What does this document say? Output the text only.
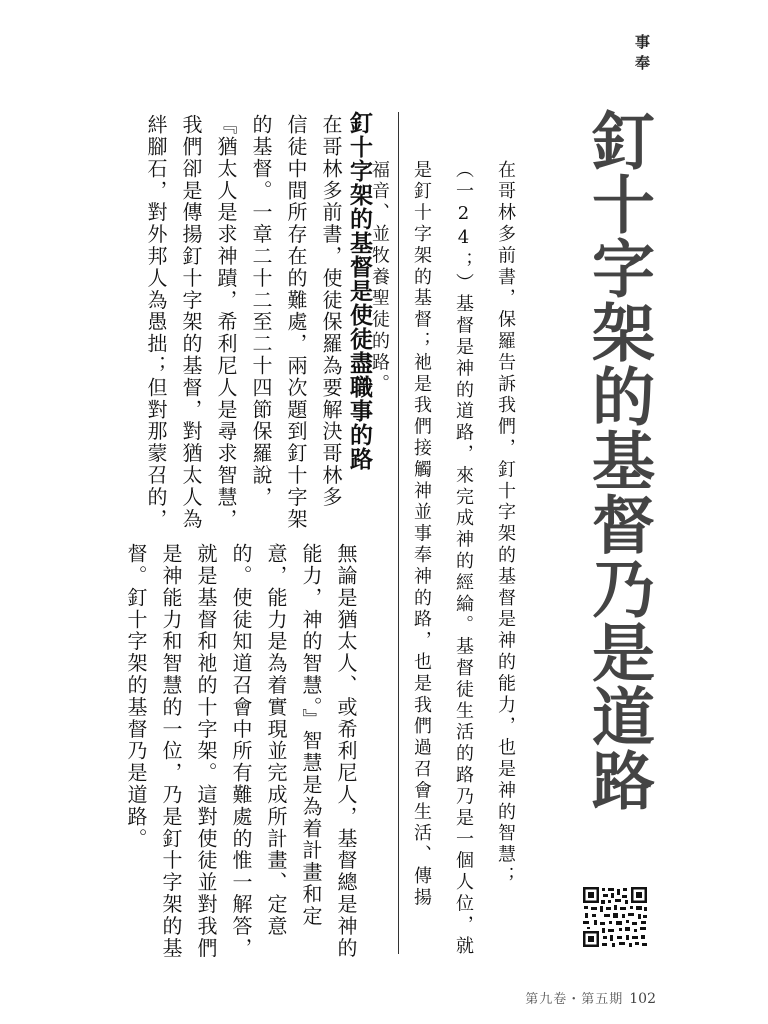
事奉
釘十字架的基督乃是道路
在哥林多前書，保羅告訴我們，釘十字架的基督是神的能力，也是神的智慧；
（一24；）基督是神的道路，來完成神的經綸。基督徒生活的路乃是一個人位，就
是釘十字架的基督；祂是我們接觸神並事奉神的路，也是我們過召會生活、傳揚
福音、並牧養聖徒的路。
釘十字架的基督是使徒盡職事的路
在哥林多前書，使徒保羅為要解決哥林多
信徒中間所存在的難處，兩次題到釘十字架
的基督。一章二十二至二十四節保羅說，
『猶太人是求神蹟，希利尼人是尋求智慧，
我們卻是傳揚釘十字架的基督，對猶太人為
絆腳石，對外邦人為愚拙；但對那蒙召的，
無論是猶太人、或希利尼人，基督總是神的
能力，神的智慧。』智慧是為着計畫和定
意，能力是為着實現並完成所計畫、定意
的。使徒知道召會中所有難處的惟一解答，
就是基督和祂的十字架。這對使徒並對我們
是神能力和智慧的一位，乃是釘十字架的基
督。釘十字架的基督乃是道路。
第九卷・第五期 102
